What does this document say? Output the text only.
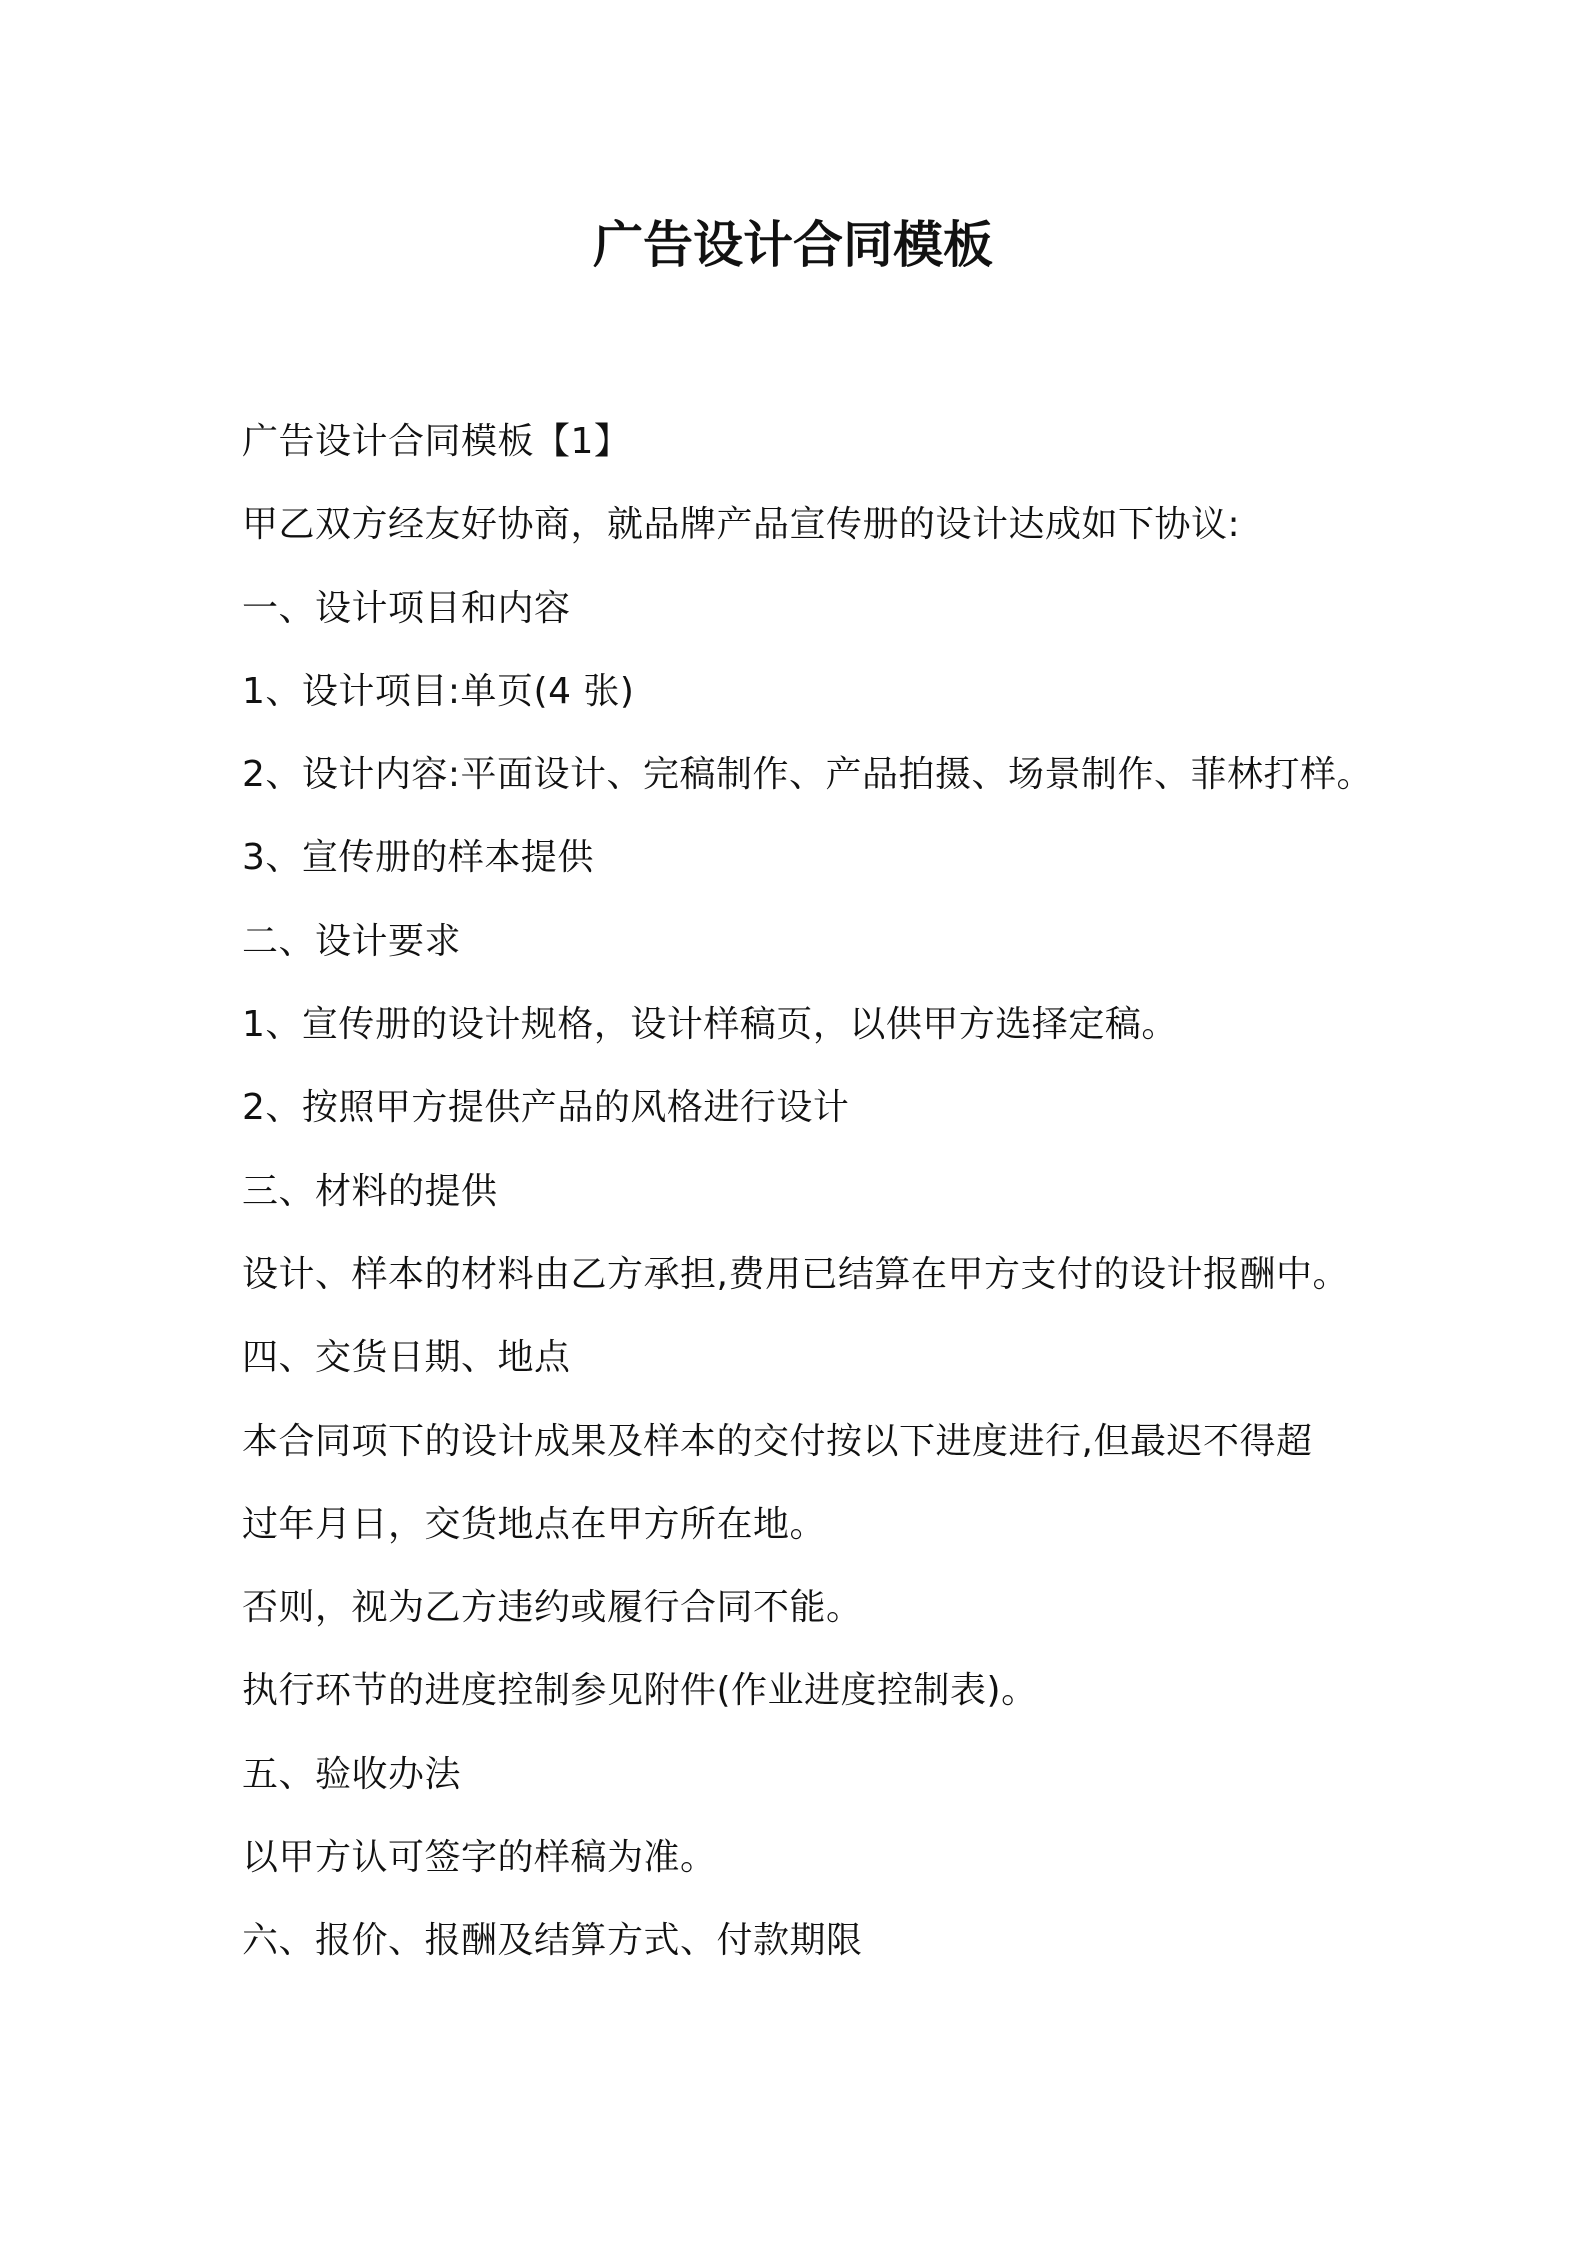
广告设计合同模板
广告设计合同模板【1】
甲乙双方经友好协商，就品牌产品宣传册的设计达成如下协议:
一、设计项目和内容
1、设计项目:单页(4 张)
2、设计内容:平面设计、完稿制作、产品拍摄、场景制作、菲林打样。
3、宣传册的样本提供
二、设计要求
1、宣传册的设计规格，设计样稿页，以供甲方选择定稿。
2、按照甲方提供产品的风格进行设计
三、材料的提供
设计、样本的材料由乙方承担,费用已结算在甲方支付的设计报酬中。
四、交货日期、地点
本合同项下的设计成果及样本的交付按以下进度进行,但最迟不得超
过年月日，交货地点在甲方所在地。
否则，视为乙方违约或履行合同不能。
执行环节的进度控制参见附件(作业进度控制表)。
五、验收办法
以甲方认可签字的样稿为准。
六、报价、报酬及结算方式、付款期限
